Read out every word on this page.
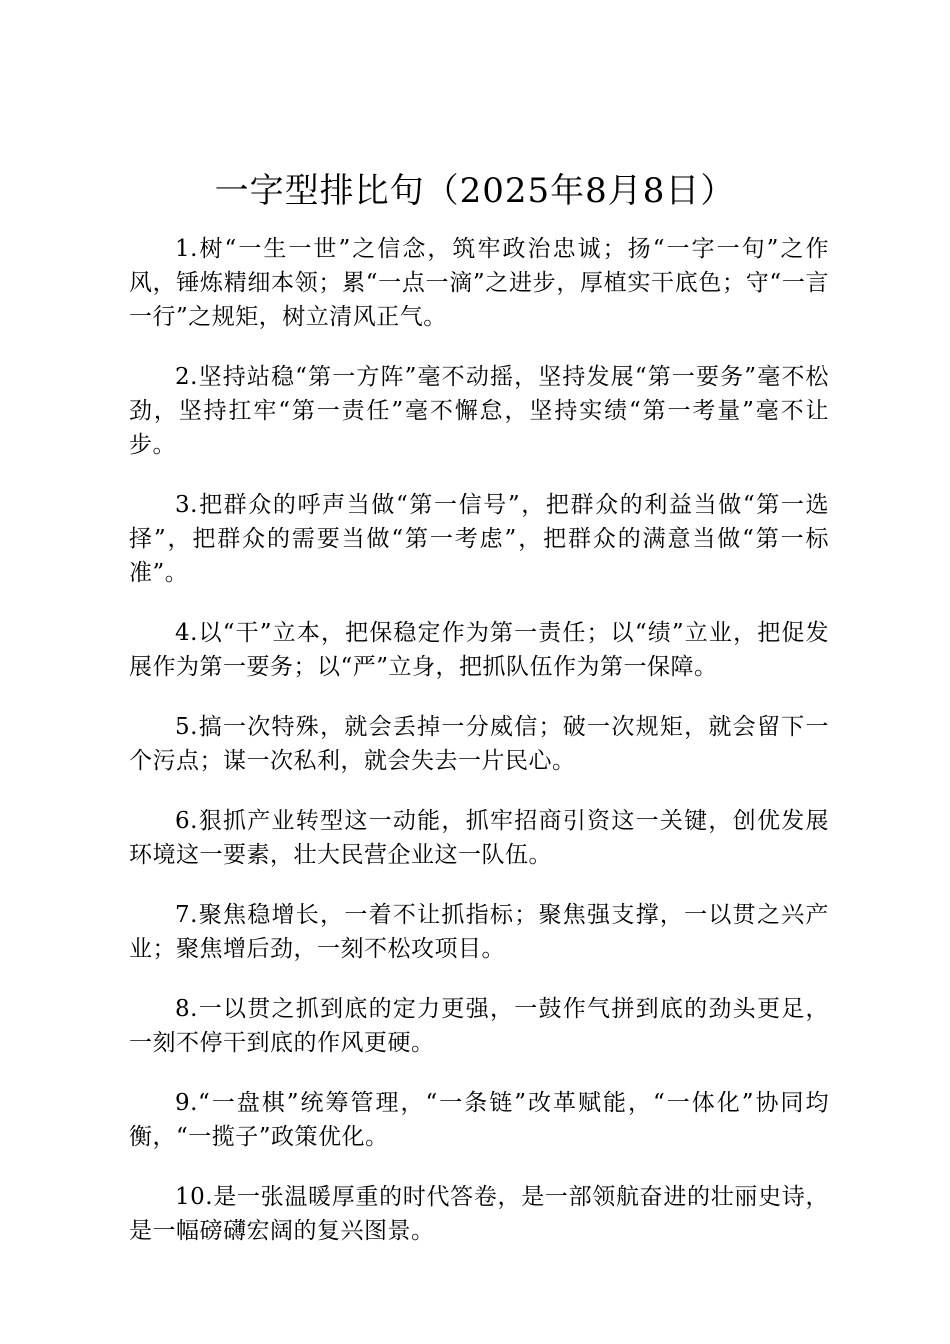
一字型排比句（2025年8月8日）

1.树“一生一世”之信念，筑牢政治忠诚；扬“一字一句”之作风，锤炼精细本领；累“一点一滴”之进步，厚植实干底色；守“一言一行”之规矩，树立清风正气。

2.坚持站稳“第一方阵”毫不动摇，坚持发展“第一要务”毫不松劲，坚持扛牢“第一责任”毫不懈怠，坚持实绩“第一考量”毫不让步。

3.把群众的呼声当做“第一信号”，把群众的利益当做“第一选择”，把群众的需要当做“第一考虑”，把群众的满意当做“第一标准”。

4.以“干”立本，把保稳定作为第一责任；以“绩”立业，把促发展作为第一要务；以“严”立身，把抓队伍作为第一保障。

5.搞一次特殊，就会丢掉一分威信；破一次规矩，就会留下一个污点；谋一次私利，就会失去一片民心。

6.狠抓产业转型这一动能，抓牢招商引资这一关键，创优发展环境这一要素，壮大民营企业这一队伍。

7.聚焦稳增长，一着不让抓指标；聚焦强支撑，一以贯之兴产业；聚焦增后劲，一刻不松攻项目。

8.一以贯之抓到底的定力更强，一鼓作气拼到底的劲头更足，一刻不停干到底的作风更硬。

9.“一盘棋”统筹管理，“一条链”改革赋能，“一体化”协同均衡，“一揽子”政策优化。

10.是一张温暖厚重的时代答卷，是一部领航奋进的壮丽史诗，是一幅磅礴宏阔的复兴图景。
